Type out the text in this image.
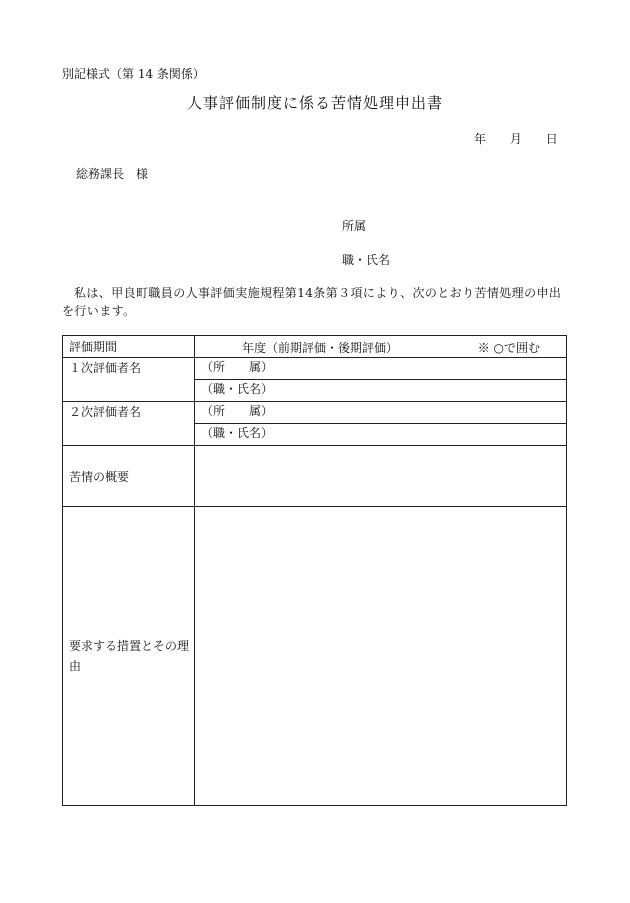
別記様式（第 14 条関係）
人事評価制度に係る苦情処理申出書
年 月 日
総務課長　様
所属
職・氏名
私は、甲良町職員の人事評価実施規程第14条第３項により、次のとおり苦情処理の申出を行います。
評価期間	年度（前期評価・後期評価） ※ ○で囲む

１次評価者名	（所　　属）
	（職・氏名）
２次評価者名	（所　　属）
	（職・氏名）
苦情の概要	
要求する措置とその理由	
